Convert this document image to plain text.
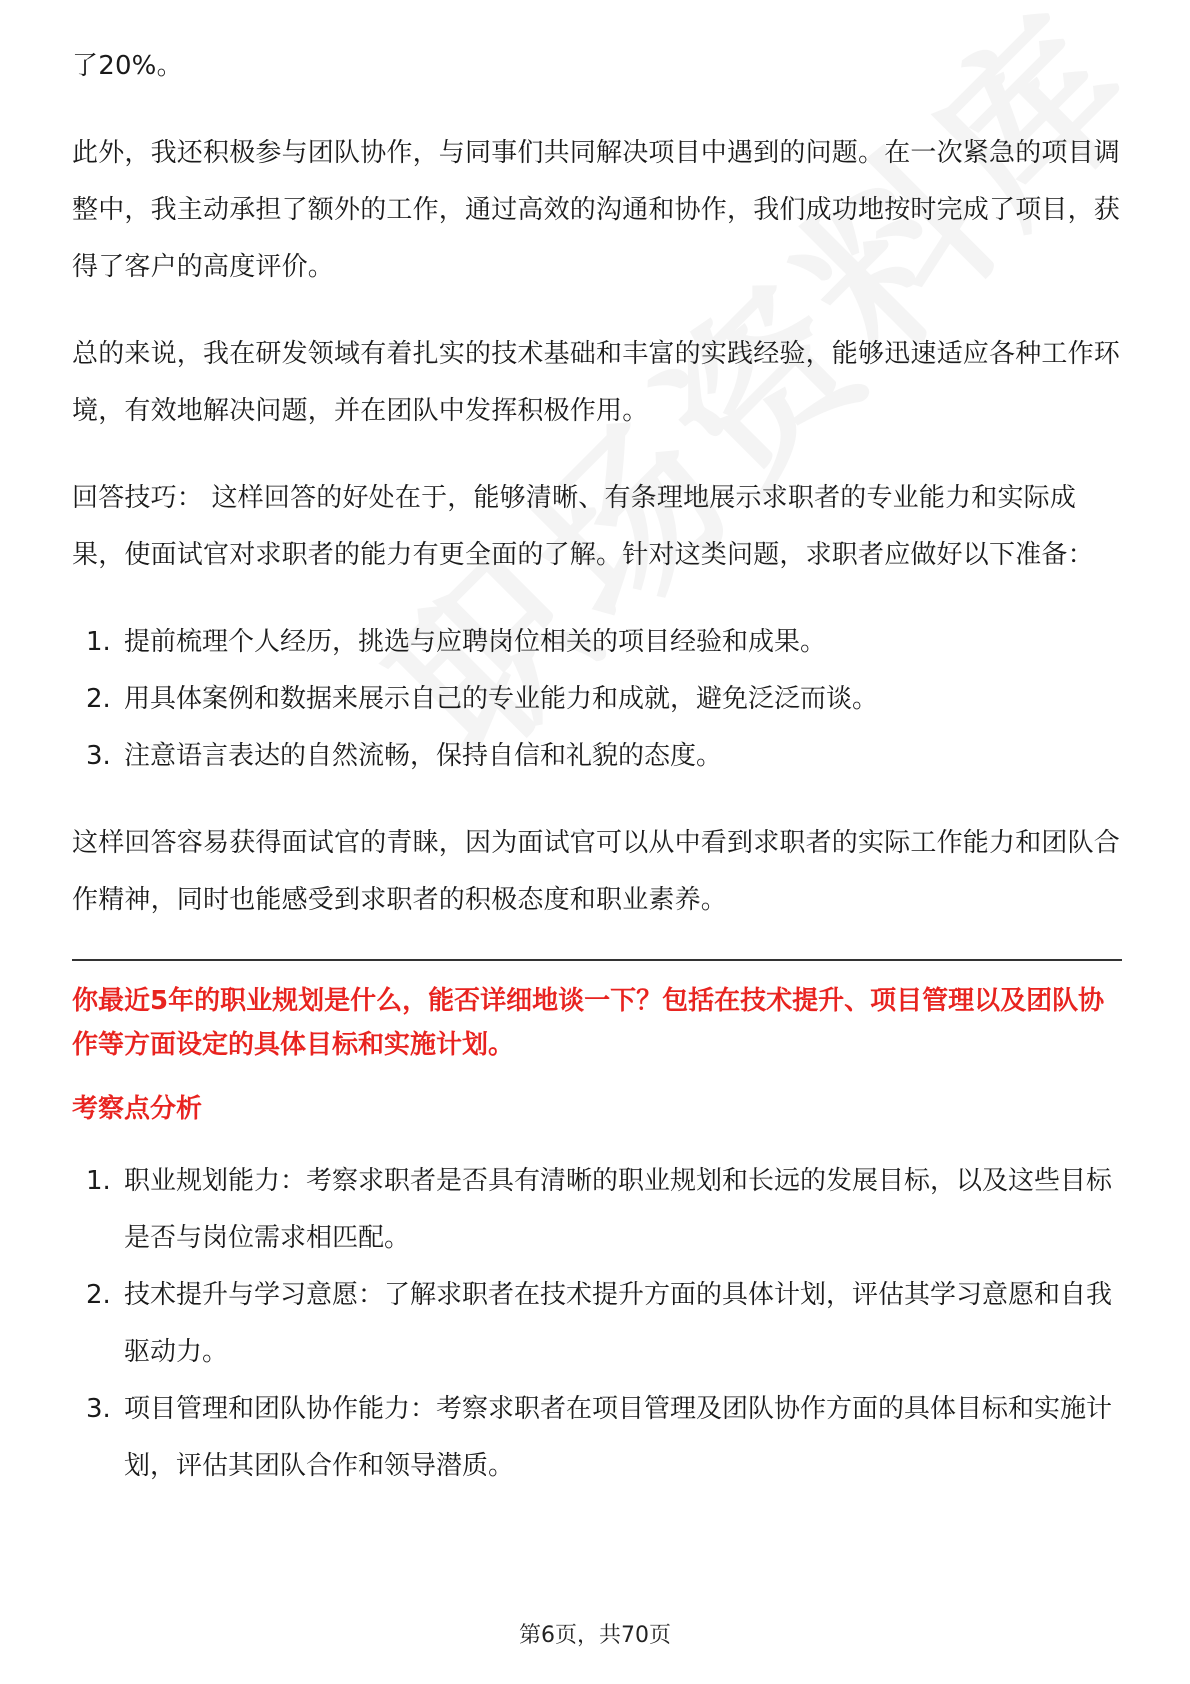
了20%。

此外，我还积极参与团队协作，与同事们共同解决项目中遇到的问题。在一次紧急的项目调整中，我主动承担了额外的工作，通过高效的沟通和协作，我们成功地按时完成了项目，获得了客户的高度评价。

总的来说，我在研发领域有着扎实的技术基础和丰富的实践经验，能够迅速适应各种工作环境，有效地解决问题，并在团队中发挥积极作用。

回答技巧： 这样回答的好处在于，能够清晰、有条理地展示求职者的专业能力和实际成果，使面试官对求职者的能力有更全面的了解。针对这类问题，求职者应做好以下准备：

1. 提前梳理个人经历，挑选与应聘岗位相关的项目经验和成果。
2. 用具体案例和数据来展示自己的专业能力和成就，避免泛泛而谈。
3. 注意语言表达的自然流畅，保持自信和礼貌的态度。

这样回答容易获得面试官的青睐，因为面试官可以从中看到求职者的实际工作能力和团队合作精神，同时也能感受到求职者的积极态度和职业素养。

你最近5年的职业规划是什么，能否详细地谈一下？包括在技术提升、项目管理以及团队协作等方面设定的具体目标和实施计划。

考察点分析

1. 职业规划能力：考察求职者是否具有清晰的职业规划和长远的发展目标，以及这些目标是否与岗位需求相匹配。
2. 技术提升与学习意愿：了解求职者在技术提升方面的具体计划，评估其学习意愿和自我驱动力。
3. 项目管理和团队协作能力：考察求职者在项目管理及团队协作方面的具体目标和实施计划，评估其团队合作和领导潜质。
第6页，共70页
